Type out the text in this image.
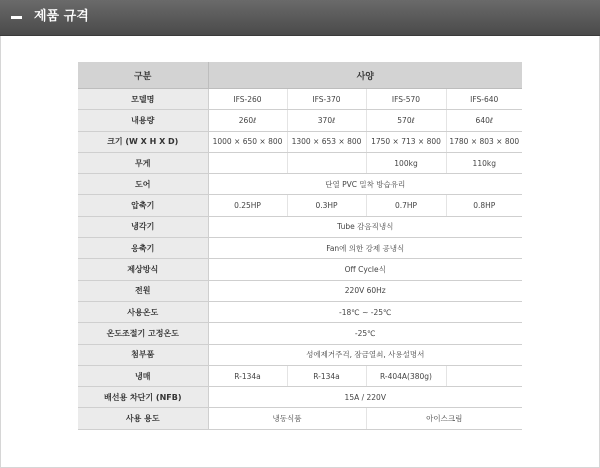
제품 규격
구분	사양			
모델명	IFS-260	IFS-370	IFS-570	IFS-640
내용량	260ℓ	370ℓ	570ℓ	640ℓ
크기 (W X H X D)	1000 × 650 × 800	1300 × 653 × 800	1750 × 713 × 800	1780 × 803 × 800
무게			100kg	110kg
도어	단열 PVC 밀착 방습유리			
압축기	0.25HP	0.3HP	0.7HP	0.8HP
냉각기	Tube 감음직냉식			
응축기	Fan에 의한 강제 공냉식			
제상방식	Off Cycle식			
전원	220V 60Hz			
사용온도	-18℃ ~ -25℃			
온도조절기 고정온도	-25℃			
첨부품	성에제거주걱, 잠금열쇠, 사용설명서			
냉매	R-134a	R-134a	R-404A(380g)	
배선용 차단기 (NFB)	15A / 220V			
사용 용도	냉동식품		아이스크림	
